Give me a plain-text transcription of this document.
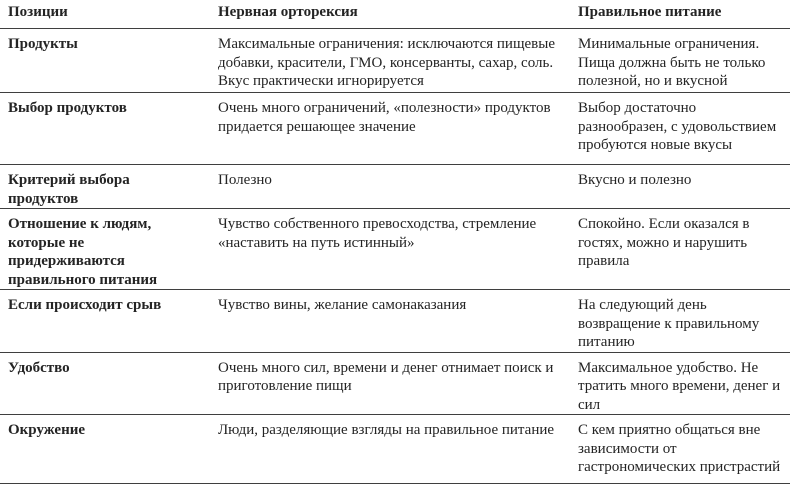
Позиции	Нервная орторексия	Правильное питание
Продукты	Максимальные ограничения: исключаются пищевые добавки, красители, ГМО, консерванты, сахар, соль. Вкус практически игнорируется	Минимальные ограничения. Пища должна быть не только полезной, но и вкусной
Выбор продуктов	Очень много ограничений, «полезности» продуктов придается решающее значение	Выбор достаточно разнообразен, с удовольствием пробуются новые вкусы
Критерий выбора продуктов	Полезно	Вкусно и полезно
Отношение к людям, которые не придерживаются правильного питания	Чувство собственного превосходства, стремление «наставить на путь истинный»	Спокойно. Если оказался в гостях, можно и нарушить правила
Если происходит срыв	Чувство вины, желание самонаказания	На следующий день возвращение к правильному питанию
Удобство	Очень много сил, времени и денег отнимает поиск и приготовление пищи	Максимальное удобство. Не тратить много времени, денег и сил
Окружение	Люди, разделяющие взгляды на правильное питание	С кем приятно общаться вне зависимости от гастрономических пристрастий
